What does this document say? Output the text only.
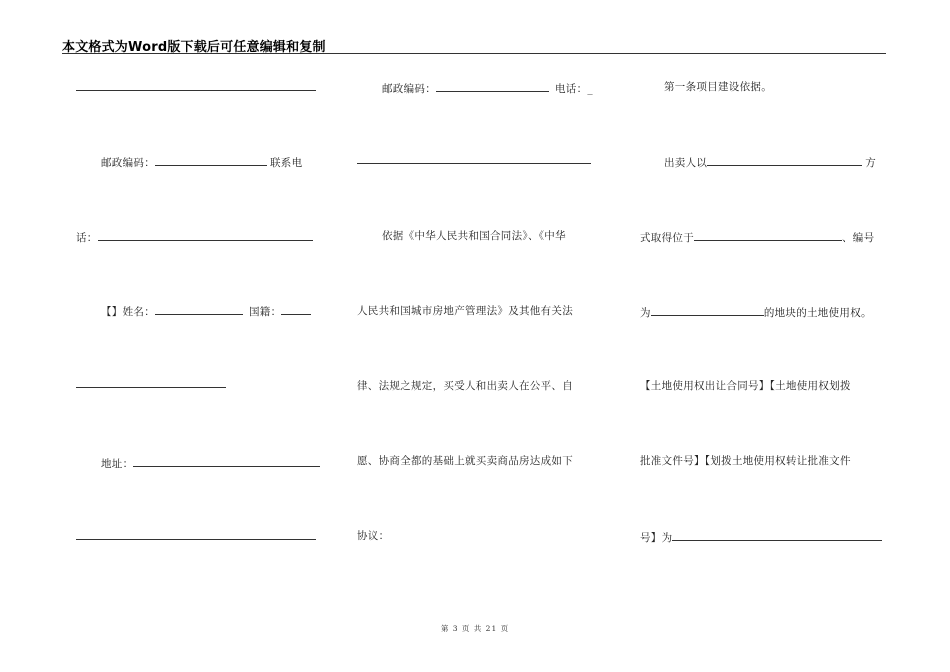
本文格式为Word版下载后可任意编辑和复制
邮政编码：	联系电
话：
【】姓名：	国籍：
地址：
邮政编码：	电话：_
依据《中华人民共和国合同法》、《中华
人民共和国城市房地产管理法》及其他有关法
律、法规之规定，买受人和出卖人在公平、自
愿、协商全都的基础上就买卖商品房达成如下
协议：
第一条项目建设依据。
出卖人以	方
式取得位于	、编号
为	的地块的土地使用权。
【土地使用权出让合同号】【土地使用权划拨
批准文件号】【划拨土地使用权转让批准文件
号】为
第 3 页 共 21 页
